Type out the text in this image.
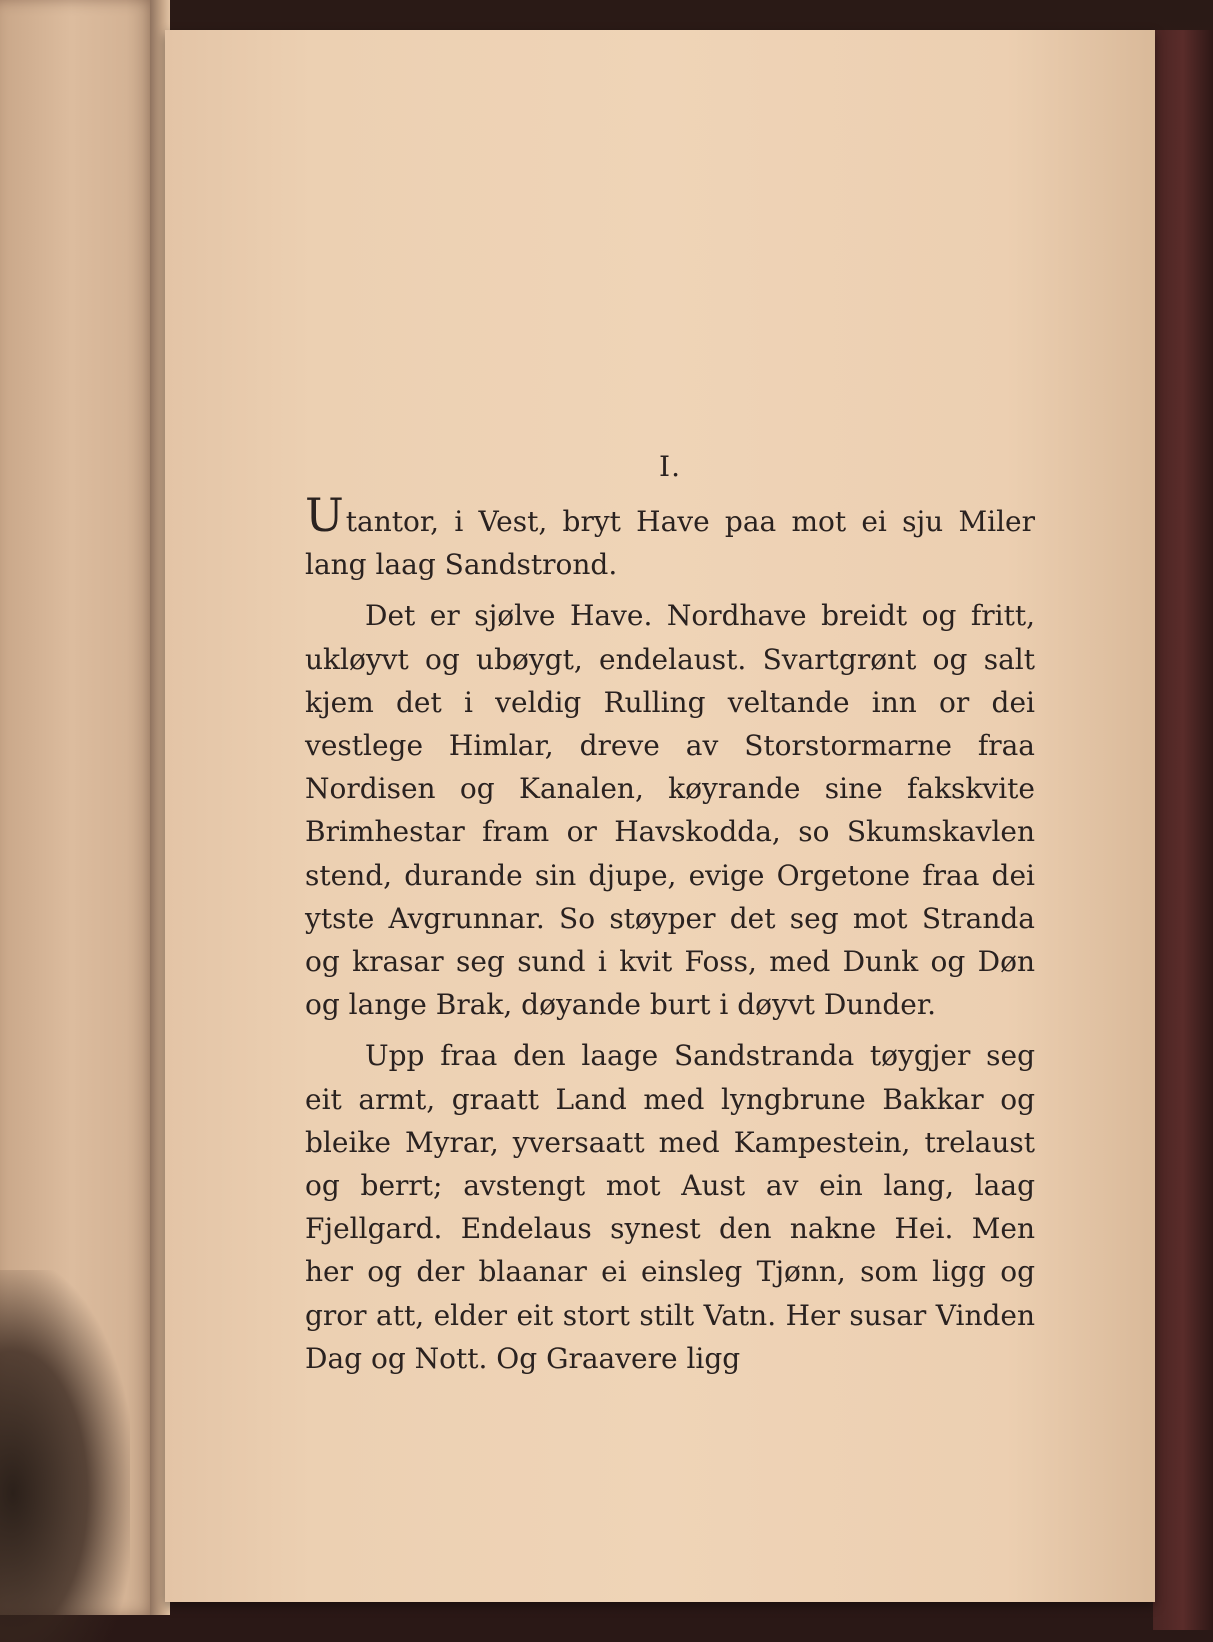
I.

Utantor, i Vest, bryt Have paa mot ei sju Miler lang laag Sandstrond.

Det er sjølve Have. Nordhave breidt og fritt, ukløyvt og ubøygt, endelaust. Svartgrønt og salt kjem det i veldig Rulling veltande inn or dei vestlege Himlar, dreve av Storstormarne fraa Nordisen og Kanalen, køyrande sine fakskvite Brimhestar fram or Havskodda, so Skumskavlen stend, durande sin djupe, evige Orgetone fraa dei ytste Avgrunnar. So støyper det seg mot Stranda og krasar seg sund i kvit Foss, med Dunk og Døn og lange Brak, døyande burt i døyvt Dunder.

Upp fraa den laage Sandstranda tøygjer seg eit armt, graatt Land med lyngbrune Bakkar og bleike Myrar, yversaatt med Kampestein, trelaust og berrt; avstengt mot Aust av ein lang, laag Fjellgard. Endelaus synest den nakne Hei. Men her og der blaanar ei einsleg Tjønn, som ligg og gror att, elder eit stort stilt Vatn. Her susar Vinden Dag og Nott. Og Graavere ligg
